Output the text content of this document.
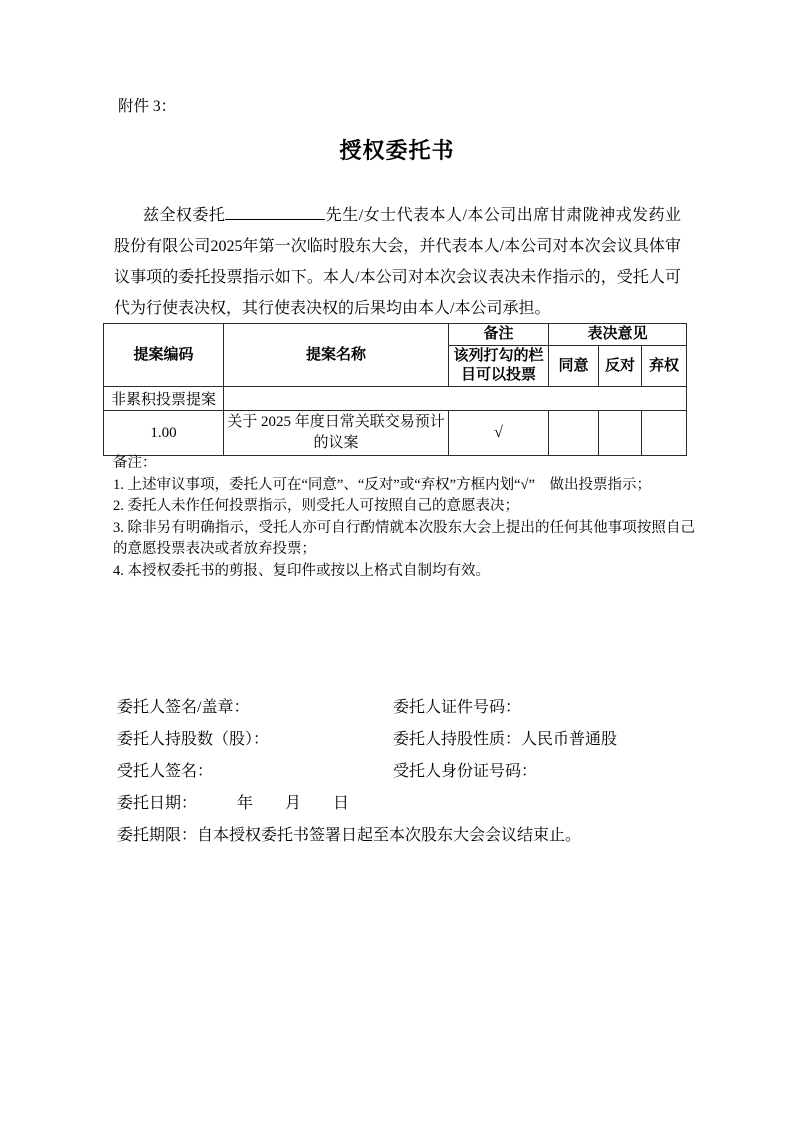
附件 3：
授权委托书

兹全权委托	先生/女士代表本人/本公司出席甘肃陇神戎发药业股份有限公司2025年第一次临时股东大会，并代表本人/本公司对本次会议具体审议事项的委托投票指示如下。本人/本公司对本次会议表决未作指示的，受托人可代为行使表决权，其行使表决权的后果均由本人/本公司承担。

提案编码	提案名称	备注	表决意见		
		该列打勾的栏目可以投票	同意	反对	弃权
非累积投票提案					
1.00	关于 2025 年度日常关联交易预计的议案	√			
备注：
1. 上述审议事项，委托人可在“同意”、“反对”或“弃权”方框内划“√”　做出投票指示；
2. 委托人未作任何投票指示，则受托人可按照自己的意愿表决；
3. 除非另有明确指示，受托人亦可自行酌情就本次股东大会上提出的任何其他事项按照自己的意愿投票表决或者放弃投票；
4. 本授权委托书的剪报、复印件或按以上格式自制均有效。
委托人签名/盖章：	委托人证件号码：
委托人持股数（股）：	委托人持股性质：人民币普通股
受托人签名：	受托人身份证号码：
委托日期：　　　年　　月　　日
委托期限：自本授权委托书签署日起至本次股东大会会议结束止。
